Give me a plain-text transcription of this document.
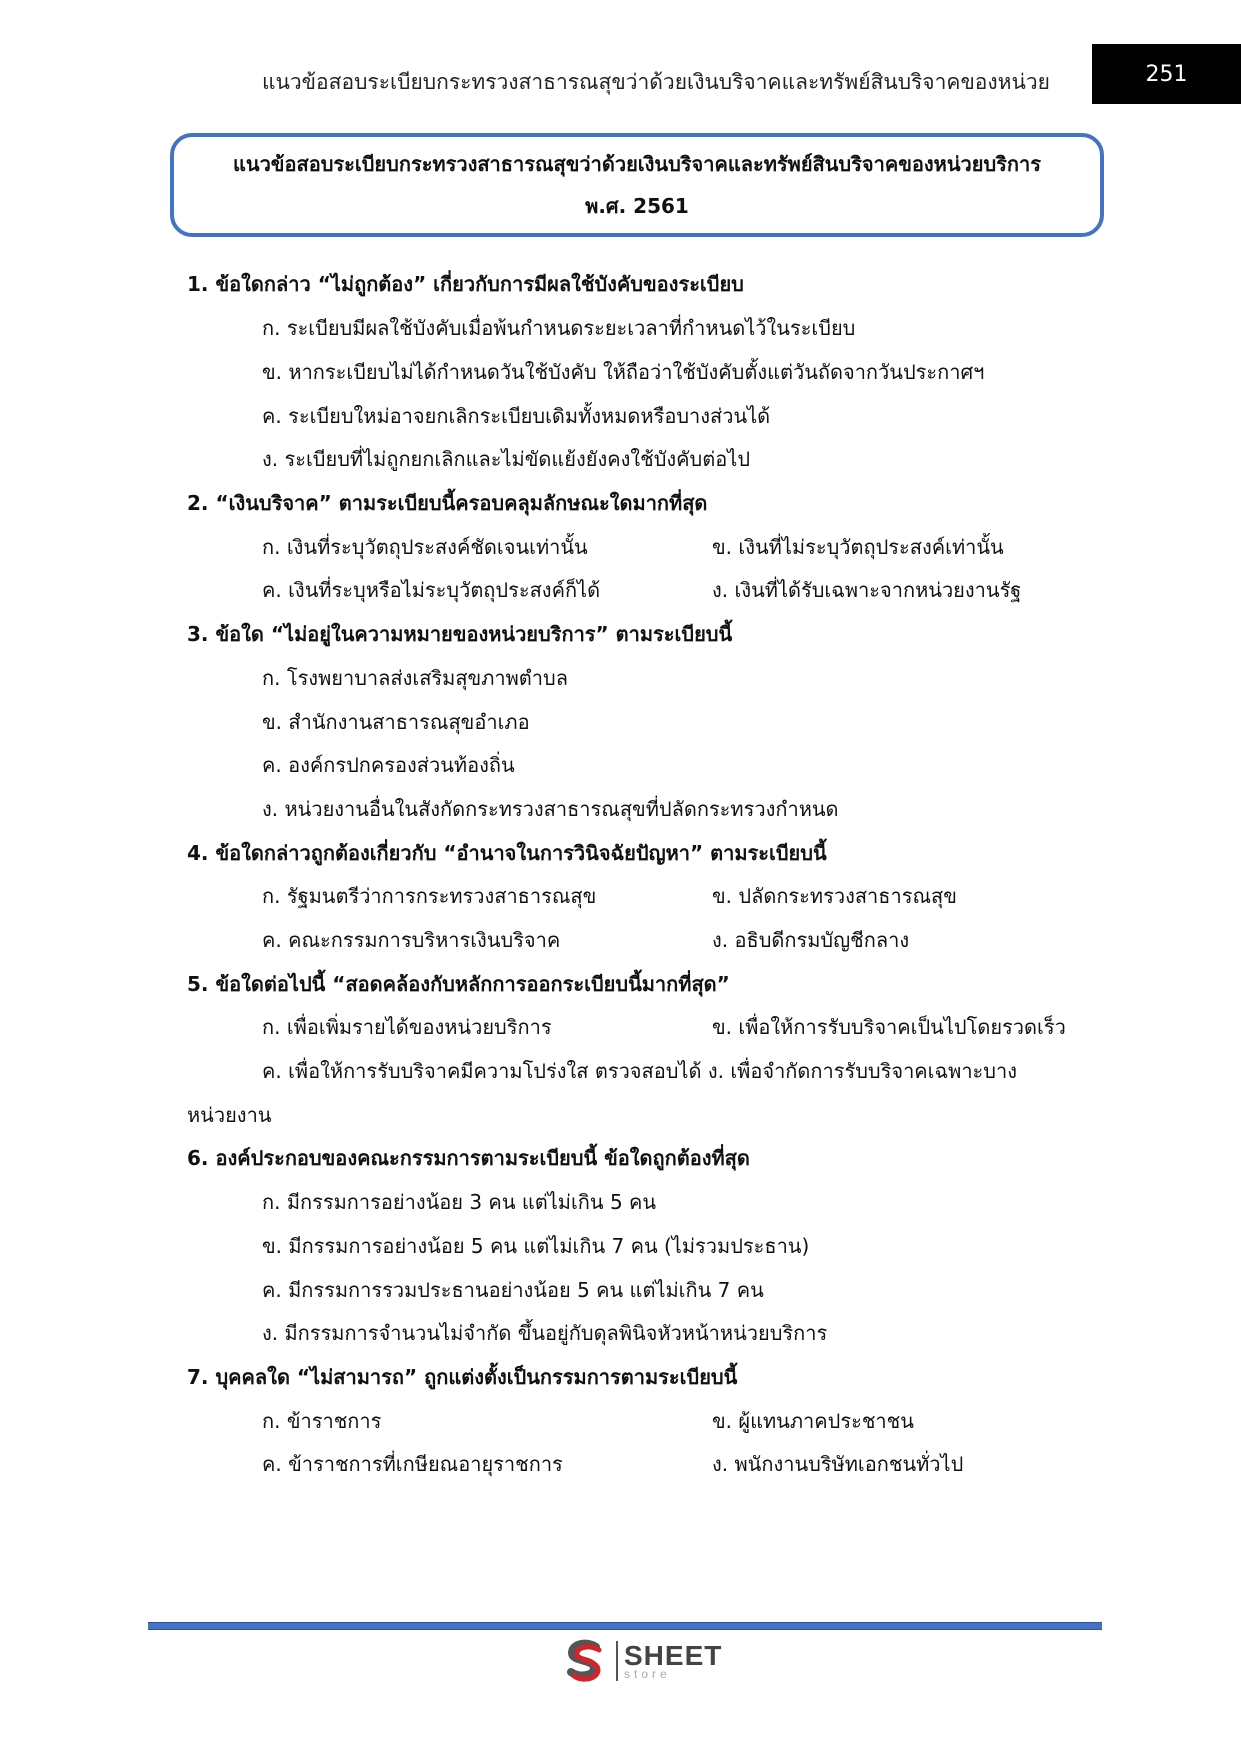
แนวข้อสอบระเบียบกระทรวงสาธารณสุขว่าด้วยเงินบริจาคและทรัพย์สินบริจาคของหน่วย	251
แนวข้อสอบระเบียบกระทรวงสาธารณสุขว่าด้วยเงินบริจาคและทรัพย์สินบริจาคของหน่วยบริการ
พ.ศ. 2561
1. ข้อใดกล่าว “ไม่ถูกต้อง” เกี่ยวกับการมีผลใช้บังคับของระเบียบ
ก. ระเบียบมีผลใช้บังคับเมื่อพ้นกำหนดระยะเวลาที่กำหนดไว้ในระเบียบ
ข. หากระเบียบไม่ได้กำหนดวันใช้บังคับ ให้ถือว่าใช้บังคับตั้งแต่วันถัดจากวันประกาศฯ
ค. ระเบียบใหม่อาจยกเลิกระเบียบเดิมทั้งหมดหรือบางส่วนได้
ง. ระเบียบที่ไม่ถูกยกเลิกและไม่ขัดแย้งยังคงใช้บังคับต่อไป
2. “เงินบริจาค” ตามระเบียบนี้ครอบคลุมลักษณะใดมากที่สุด
ก. เงินที่ระบุวัตถุประสงค์ชัดเจนเท่านั้น	ข. เงินที่ไม่ระบุวัตถุประสงค์เท่านั้น
ค. เงินที่ระบุหรือไม่ระบุวัตถุประสงค์ก็ได้	ง. เงินที่ได้รับเฉพาะจากหน่วยงานรัฐ
3. ข้อใด “ไม่อยู่ในความหมายของหน่วยบริการ” ตามระเบียบนี้
ก. โรงพยาบาลส่งเสริมสุขภาพตำบล
ข. สำนักงานสาธารณสุขอำเภอ
ค. องค์กรปกครองส่วนท้องถิ่น
ง. หน่วยงานอื่นในสังกัดกระทรวงสาธารณสุขที่ปลัดกระทรวงกำหนด
4. ข้อใดกล่าวถูกต้องเกี่ยวกับ “อำนาจในการวินิจฉัยปัญหา” ตามระเบียบนี้
ก. รัฐมนตรีว่าการกระทรวงสาธารณสุข	ข. ปลัดกระทรวงสาธารณสุข
ค. คณะกรรมการบริหารเงินบริจาค	ง. อธิบดีกรมบัญชีกลาง
5. ข้อใดต่อไปนี้ “สอดคล้องกับหลักการออกระเบียบนี้มากที่สุด”
ก. เพื่อเพิ่มรายได้ของหน่วยบริการ	ข. เพื่อให้การรับบริจาคเป็นไปโดยรวดเร็ว
ค. เพื่อให้การรับบริจาคมีความโปร่งใส ตรวจสอบได้ ง. เพื่อจำกัดการรับบริจาคเฉพาะบาง
หน่วยงาน
6. องค์ประกอบของคณะกรรมการตามระเบียบนี้ ข้อใดถูกต้องที่สุด
ก. มีกรรมการอย่างน้อย 3 คน แต่ไม่เกิน 5 คน
ข. มีกรรมการอย่างน้อย 5 คน แต่ไม่เกิน 7 คน (ไม่รวมประธาน)
ค. มีกรรมการรวมประธานอย่างน้อย 5 คน แต่ไม่เกิน 7 คน
ง. มีกรรมการจำนวนไม่จำกัด ขึ้นอยู่กับดุลพินิจหัวหน้าหน่วยบริการ
7. บุคคลใด “ไม่สามารถ” ถูกแต่งตั้งเป็นกรรมการตามระเบียบนี้
ก. ข้าราชการ	ข. ผู้แทนภาคประชาชน
ค. ข้าราชการที่เกษียณอายุราชการ	ง. พนักงานบริษัทเอกชนทั่วไป
SHEET
store
